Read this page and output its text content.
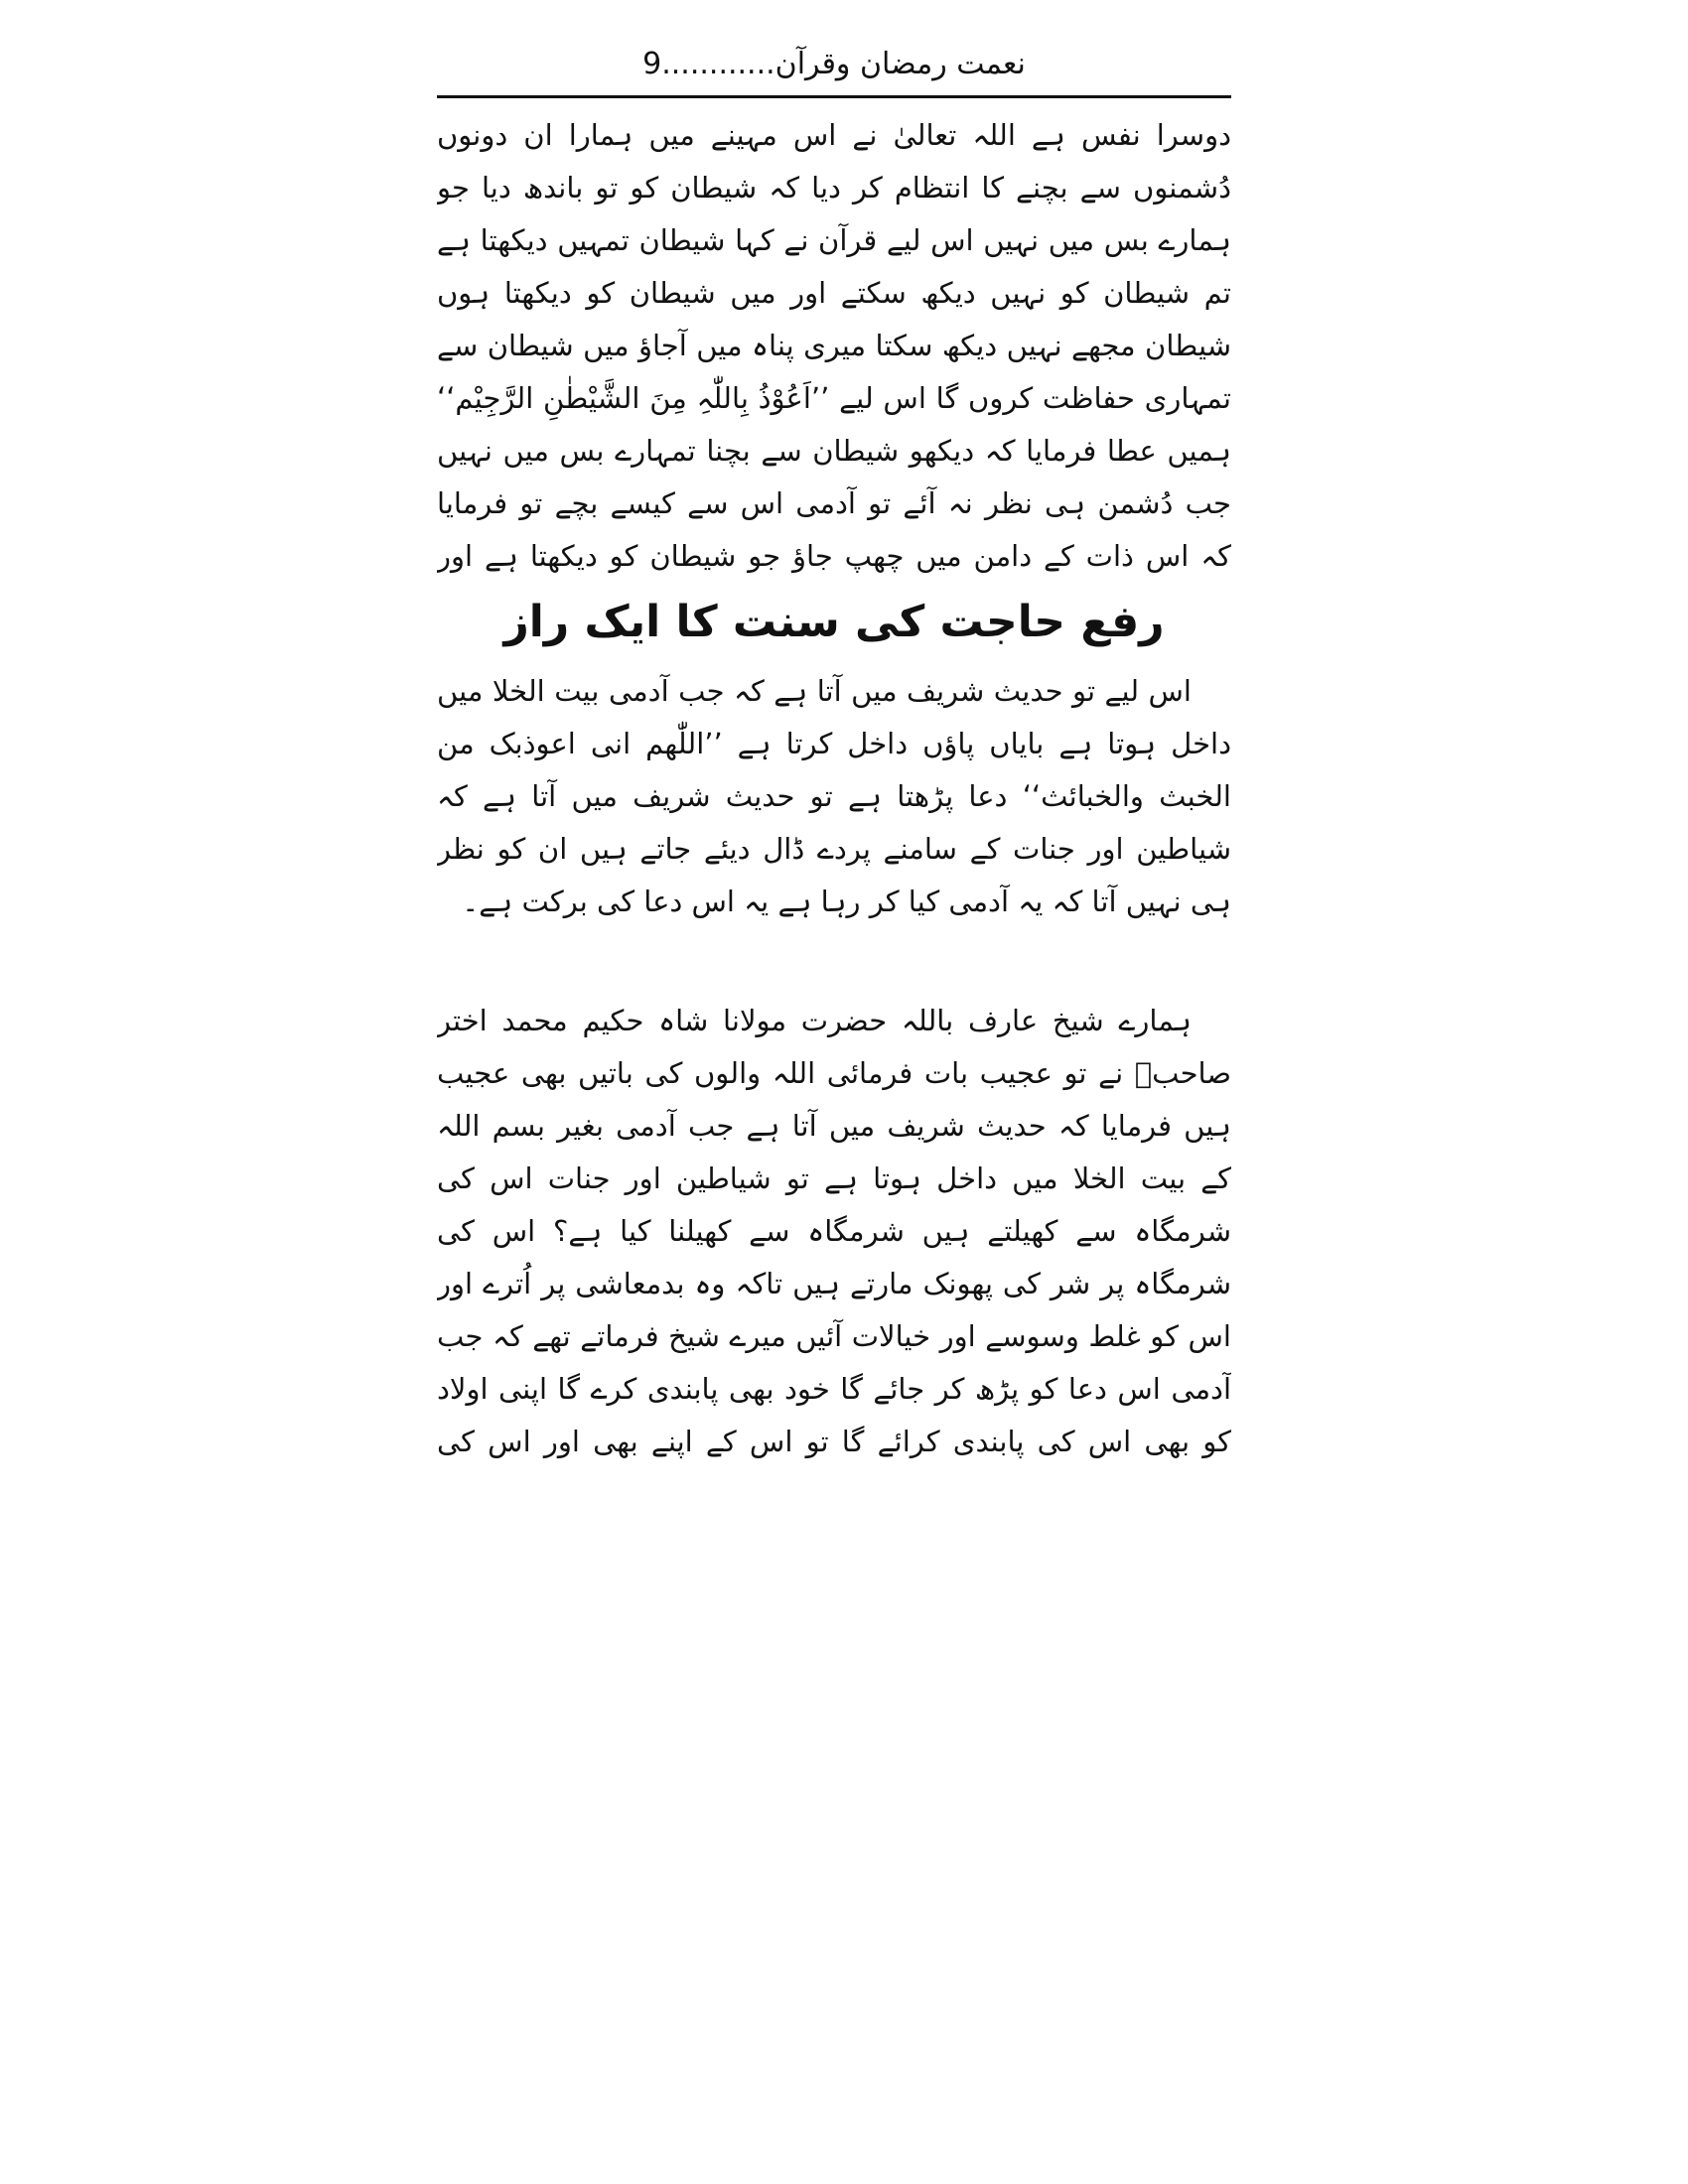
نعمت رمضان وقرآن............9

دوسرا نفس ہے اللہ تعالیٰ نے اس مہینے میں ہمارا ان دونوں دُشمنوں سے بچنے کا انتظام کر دیا کہ شیطان کو تو باندھ دیا جو ہمارے بس میں نہیں اس لیے قرآن نے کہا شیطان تمہیں دیکھتا ہے تم شیطان کو نہیں دیکھ سکتے اور میں شیطان کو دیکھتا ہوں شیطان مجھے نہیں دیکھ سکتا میری پناہ میں آجاؤ میں شیطان سے تمہاری حفاظت کروں گا اس لیے ’’اَعُوْذُ بِاللّٰہِ مِنَ الشَّیْطٰنِ الرَّجِیْم‘‘ ہمیں عطا فرمایا کہ دیکھو شیطان سے بچنا تمہارے بس میں نہیں جب دُشمن ہی نظر نہ آئے تو آدمی اس سے کیسے بچے تو فرمایا کہ اس ذات کے دامن میں چھپ جاؤ جو شیطان کو دیکھتا ہے اور

رفع حاجت کی سنت کا ایک راز

اس لیے تو حدیث شریف میں آتا ہے کہ جب آدمی بیت الخلا میں داخل ہوتا ہے بایاں پاؤں داخل کرتا ہے ’’اللّٰھم انی اعوذبک من الخبث والخبائث‘‘ دعا پڑھتا ہے تو حدیث شریف میں آتا ہے کہ شیاطین اور جنات کے سامنے پردے ڈال دیئے جاتے ہیں ان کو نظر ہی نہیں آتا کہ یہ آدمی کیا کر رہا ہے یہ اس دعا کی برکت ہے۔

ہمارے شیخ عارف باللہ حضرت مولانا شاہ حکیم محمد اختر صاحبؒ نے تو عجیب بات فرمائی اللہ والوں کی باتیں بھی عجیب ہیں فرمایا کہ حدیث شریف میں آتا ہے جب آدمی بغیر بسم اللہ کے بیت الخلا میں داخل ہوتا ہے تو شیاطین اور جنات اس کی شرمگاہ سے کھیلتے ہیں شرمگاہ سے کھیلنا کیا ہے؟ اس کی شرمگاہ پر شر کی پھونک مارتے ہیں تاکہ وہ بدمعاشی پر اُترے اور اس کو غلط وسوسے اور خیالات آئیں میرے شیخ فرماتے تھے کہ جب آدمی اس دعا کو پڑھ کر جائے گا خود بھی پابندی کرے گا اپنی اولاد کو بھی اس کی پابندی کرائے گا تو اس کے اپنے بھی اور اس کی
